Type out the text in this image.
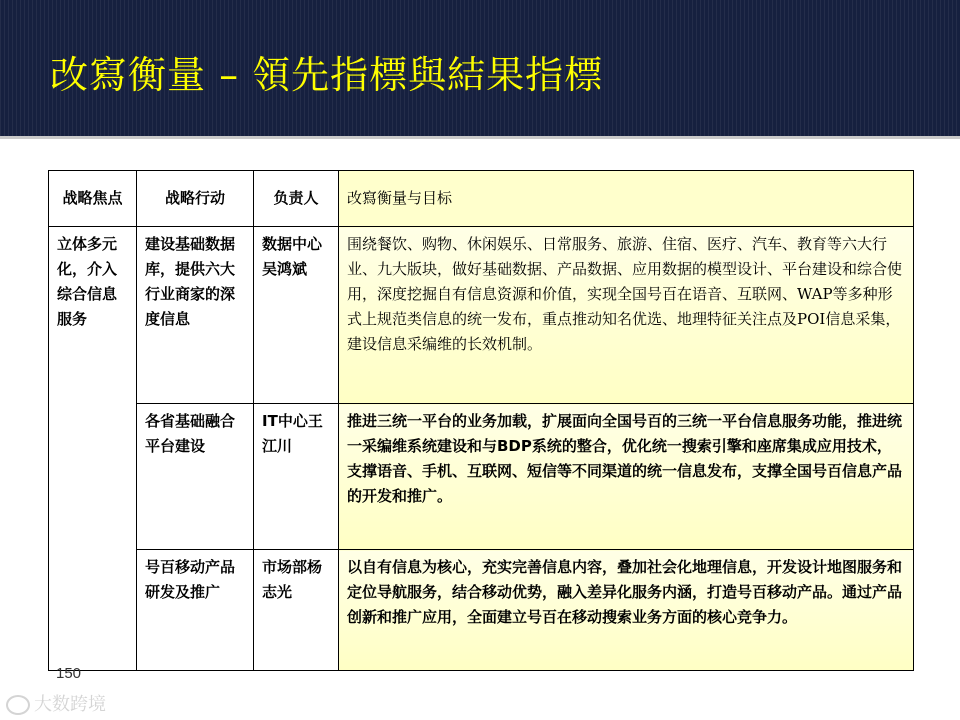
改寫衡量 – 領先指標與結果指標
战略焦点	战略行动	负责人	改寫衡量与目标
立体多元化，介入综合信息服务	建设基础数据库，提供六大行业商家的深度信息	数据中心吴鸿斌	围绕餐饮、购物、休闲娱乐、日常服务、旅游、住宿、医疗、汽车、教育等六大行业、九大版块，做好基础数据、产品数据、应用数据的模型设计、平台建设和综合使用，深度挖掘自有信息资源和价值，实现全国号百在语音、互联网、WAP等多种形式上规范类信息的统一发布，重点推动知名优选、地理特征关注点及POI信息采集，建设信息采编维的长效机制。
	各省基础融合平台建设	IT中心王江川	推进三统一平台的业务加载，扩展面向全国号百的三统一平台信息服务功能，推进统一采编维系统建设和与BDP系统的整合，优化统一搜索引擎和座席集成应用技术，支撑语音、手机、互联网、短信等不同渠道的统一信息发布，支撑全国号百信息产品的开发和推广。
	号百移动产品研发及推广	市场部杨志光	以自有信息为核心，充实完善信息内容，叠加社会化地理信息，开发设计地图服务和定位导航服务，结合移动优势，融入差异化服务内涵，打造号百移动产品。通过产品创新和推广应用，全面建立号百在移动搜索业务方面的核心竞争力。
150
大数跨境
